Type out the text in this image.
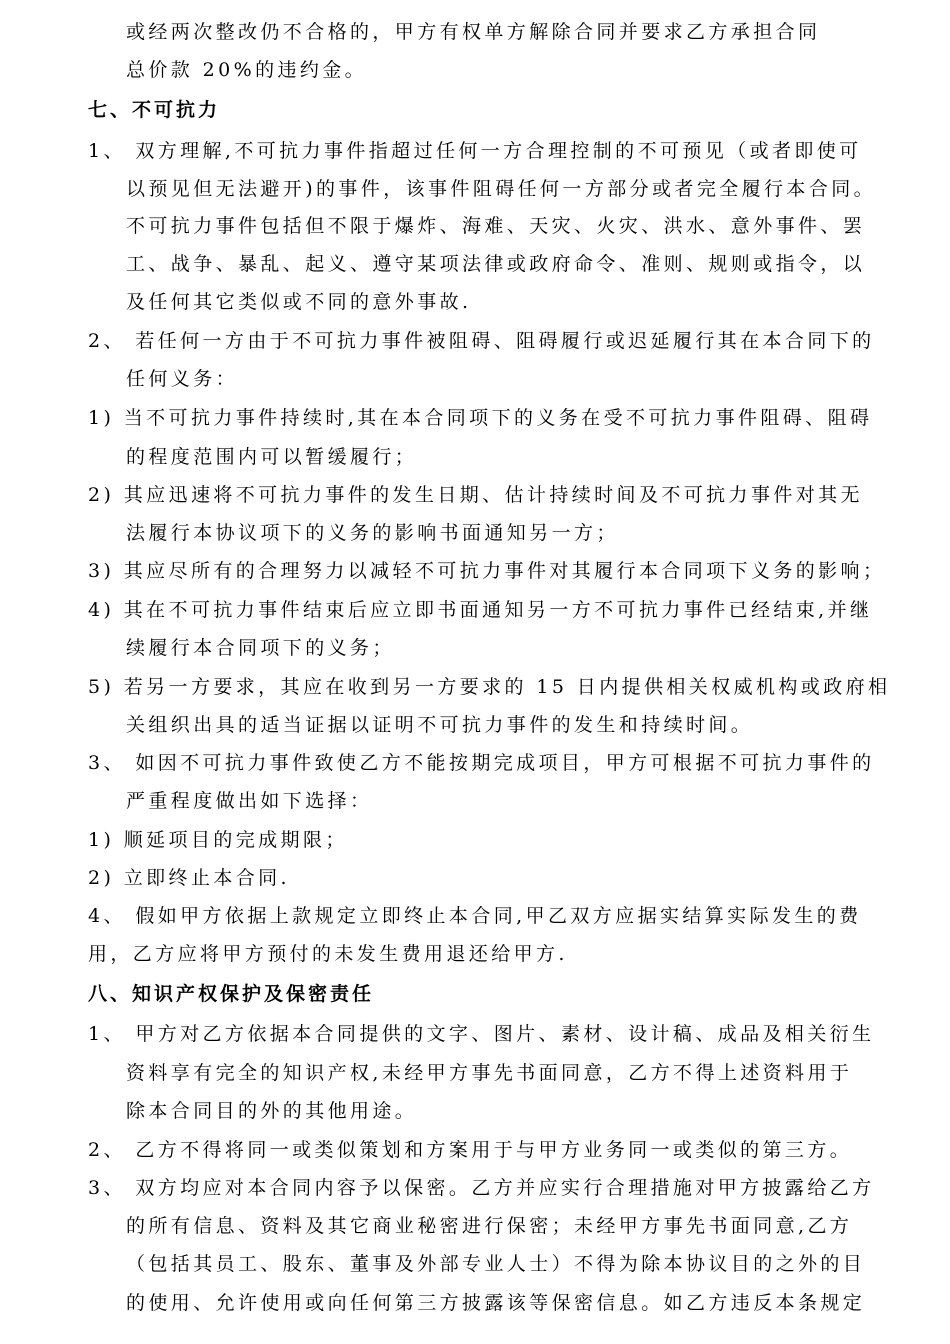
或经两次整改仍不合格的，甲方有权单方解除合同并要求乙方承担合同
总价款 20%的违约金。
七、不可抗力
1、 双方理解,不可抗力事件指超过任何一方合理控制的不可预见（或者即使可
以预见但无法避开)的事件，该事件阻碍任何一方部分或者完全履行本合同。
不可抗力事件包括但不限于爆炸、海难、天灾、火灾、洪水、意外事件、罢
工、战争、暴乱、起义、遵守某项法律或政府命令、准则、规则或指令，以
及任何其它类似或不同的意外事故.
2、 若任何一方由于不可抗力事件被阻碍、阻碍履行或迟延履行其在本合同下的
任何义务：
1) 当不可抗力事件持续时,其在本合同项下的义务在受不可抗力事件阻碍、阻碍
的程度范围内可以暂缓履行；
2) 其应迅速将不可抗力事件的发生日期、估计持续时间及不可抗力事件对其无
法履行本协议项下的义务的影响书面通知另一方；
3) 其应尽所有的合理努力以减轻不可抗力事件对其履行本合同项下义务的影响；
4) 其在不可抗力事件结束后应立即书面通知另一方不可抗力事件已经结束,并继
续履行本合同项下的义务；
5) 若另一方要求，其应在收到另一方要求的 15 日内提供相关权威机构或政府相
关组织出具的适当证据以证明不可抗力事件的发生和持续时间。
3、 如因不可抗力事件致使乙方不能按期完成项目，甲方可根据不可抗力事件的
严重程度做出如下选择：
1) 顺延项目的完成期限；
2) 立即终止本合同.
4、 假如甲方依据上款规定立即终止本合同,甲乙双方应据实结算实际发生的费
用，乙方应将甲方预付的未发生费用退还给甲方.
八、知识产权保护及保密责任
1、 甲方对乙方依据本合同提供的文字、图片、素材、设计稿、成品及相关衍生
资料享有完全的知识产权,未经甲方事先书面同意，乙方不得上述资料用于
除本合同目的外的其他用途。
2、 乙方不得将同一或类似策划和方案用于与甲方业务同一或类似的第三方。
3、 双方均应对本合同内容予以保密。乙方并应实行合理措施对甲方披露给乙方
的所有信息、资料及其它商业秘密进行保密；未经甲方事先书面同意,乙方
（包括其员工、股东、董事及外部专业人士）不得为除本协议目的之外的目
的使用、允许使用或向任何第三方披露该等保密信息。如乙方违反本条规定
